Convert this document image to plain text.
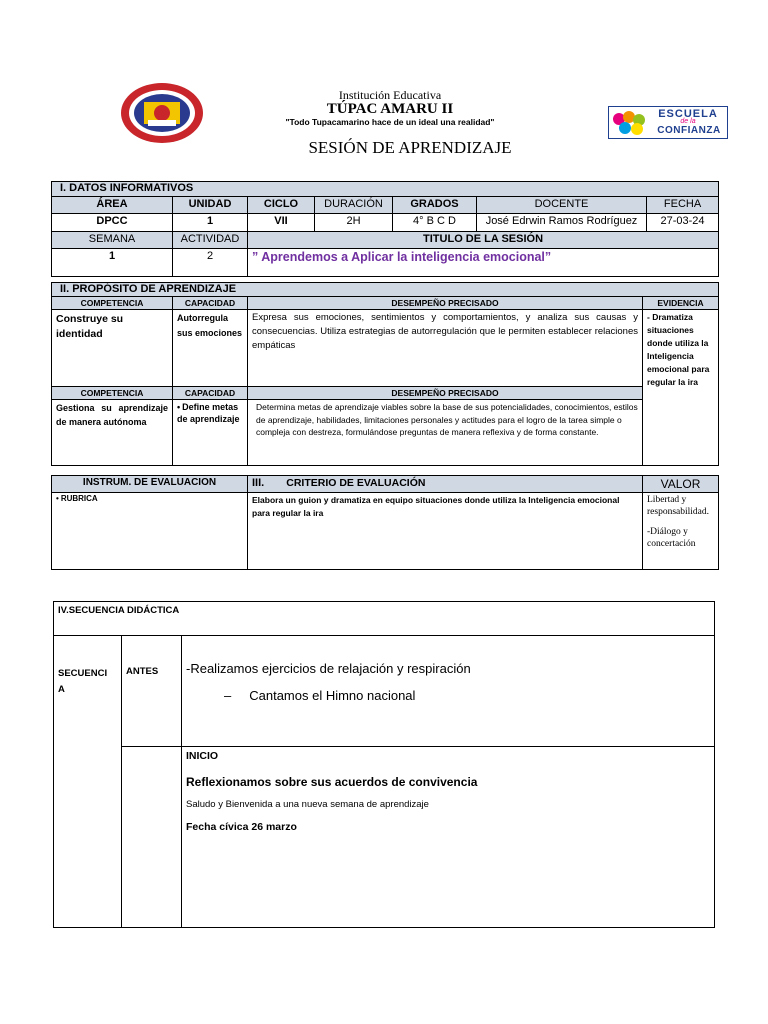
Institución Educativa
TÚPAC AMARU II
"Todo Tupacamarino hace de un ideal una realidad"
SESIÓN DE APRENDIZAJE
ESCUELA
de la
CONFIANZA
I. DATOS INFORMATIVOS						
ÁREA	UNIDAD	CICLO	DURACIÓN	GRADOS	DOCENTE	FECHA
DPCC	1	VII	2H	4° B C D	José Edrwin Ramos Rodríguez	27-03-24
SEMANA	ACTIVIDAD	TITULO DE LA SESIÓN				
1	2	” Aprendemos a Aplicar la inteligencia emocional”				
II. PROPÓSITO DE APRENDIZAJE			
COMPETENCIA	CAPACIDAD	DESEMPEÑO PRECISADO	EVIDENCIA
Construye su identidad	Autorregula sus emociones	Expresa sus emociones, sentimientos y comportamientos, y analiza sus causas y consecuencias. Utiliza estrategias de autorregulación que le permiten establecer relaciones empáticas	- Dramatiza situaciones donde utiliza la Inteligencia emocional para regular la ira
COMPETENCIA	CAPACIDAD	DESEMPEÑO PRECISADO	
Gestiona su aprendizaje de manera autónoma	• Define metas de aprendizaje	Determina metas de aprendizaje viables sobre la base de sus potencialidades, conocimientos, estilos de aprendizaje, habilidades, limitaciones personales y actitudes para el logro de la tarea simple o compleja con destreza, formulándose preguntas de manera reflexiva y de forma constante.	
INSTRUM. DE EVALUACION	III. CRITERIO DE EVALUACIÓN	VALOR
• RUBRICA	Elabora un guion y dramatiza en equipo situaciones donde utiliza la Inteligencia emocional para regular la ira	Libertad y responsabilidad.
-Diálogo y concertación
IV.SECUENCIA DIDÁCTICA		

SECUENCIA	ANTES	-Realizamos ejercicios de relajación y respiración
– Cantamos el Himno nacional

		INICIO
Reflexionamos sobre sus acuerdos de convivencia
Saludo y Bienvenida a una nueva semana de aprendizaje
Fecha cívica 26 marzo
